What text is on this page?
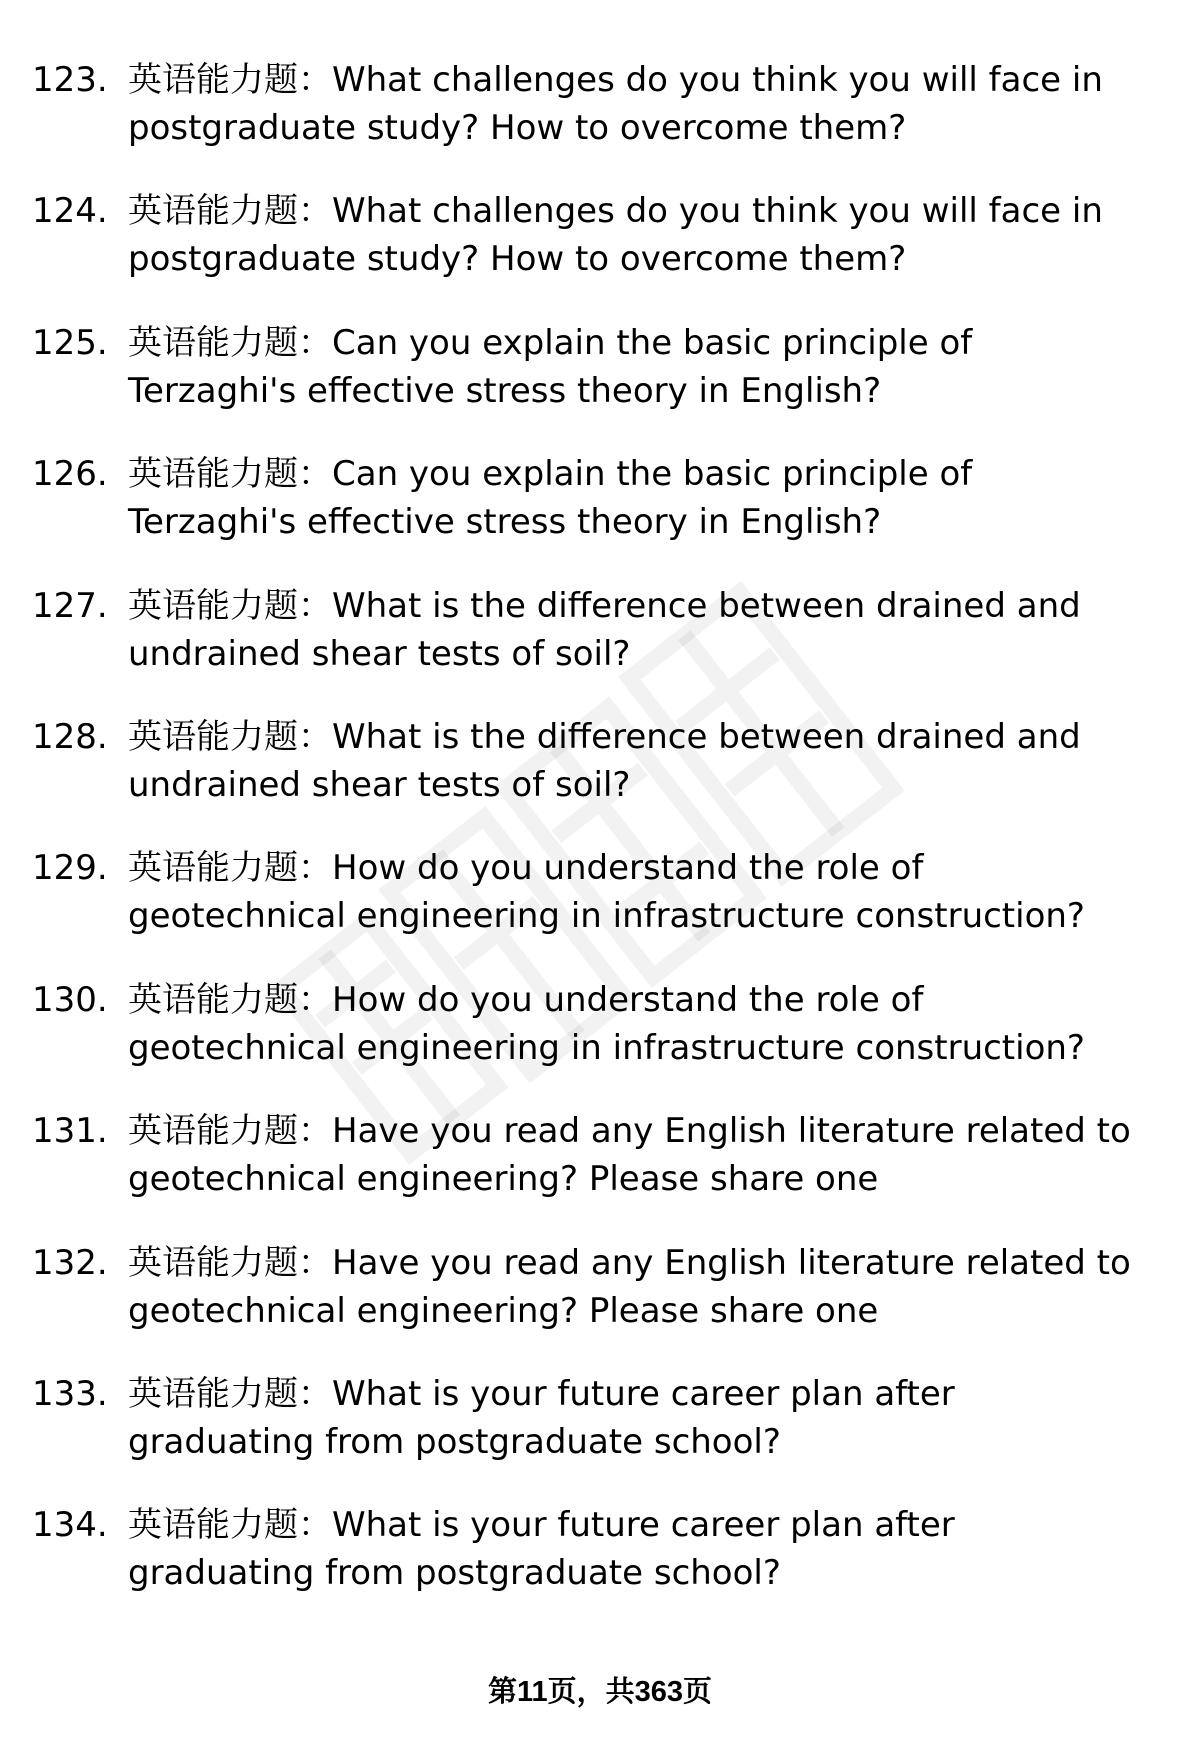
123. 英语能力题：What challenges do you think you will face in
postgraduate study? How to overcome them?
124. 英语能力题：What challenges do you think you will face in
postgraduate study? How to overcome them?
125. 英语能力题：Can you explain the basic principle of
Terzaghi's effective stress theory in English?
126. 英语能力题：Can you explain the basic principle of
Terzaghi's effective stress theory in English?
127. 英语能力题：What is the difference between drained and
undrained shear tests of soil?
128. 英语能力题：What is the difference between drained and
undrained shear tests of soil?
129. 英语能力题：How do you understand the role of
geotechnical engineering in infrastructure construction?
130. 英语能力题：How do you understand the role of
geotechnical engineering in infrastructure construction?
131. 英语能力题：Have you read any English literature related to
geotechnical engineering? Please share one
132. 英语能力题：Have you read any English literature related to
geotechnical engineering? Please share one
133. 英语能力题：What is your future career plan after
graduating from postgraduate school?
134. 英语能力题：What is your future career plan after
graduating from postgraduate school?
第11页，共363页
